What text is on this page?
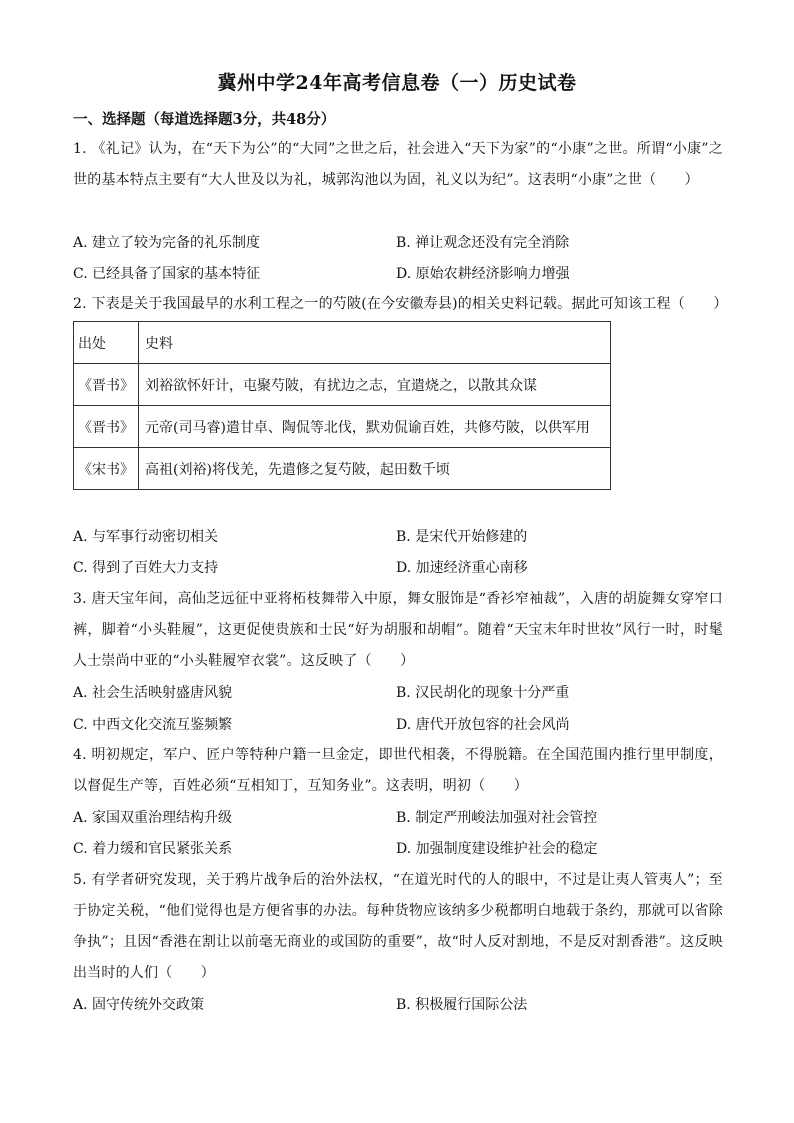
冀州中学24年高考信息卷（一）历史试卷
一、选择题（每道选择题3分，共48分）
1. 《礼记》认为，在“天下为公”的“大同”之世之后，社会进入“天下为家”的“小康”之世。所谓“小康”之世的基本特点主要有“大人世及以为礼，城郭沟池以为固，礼义以为纪”。这表明“小康”之世（　　）
A. 建立了较为完备的礼乐制度	B. 禅让观念还没有完全消除
C. 已经具备了国家的基本特征	D. 原始农耕经济影响力增强
2. 下表是关于我国最早的水利工程之一的芍陂(在今安徽寿县)的相关史料记载。据此可知该工程（　　）
出处	史料
《晋书》	刘裕欲怀奸计，屯聚芍陂，有扰边之志，宜遣烧之，以散其众谋
《晋书》	元帝(司马睿)遣甘卓、陶侃等北伐，默劝侃谕百姓，共修芍陂，以供军用
《宋书》	高祖(刘裕)将伐羌，先遣修之复芍陂，起田数千顷
A. 与军事行动密切相关	B. 是宋代开始修建的
C. 得到了百姓大力支持	D. 加速经济重心南移
3. 唐天宝年间，高仙芝远征中亚将柘枝舞带入中原，舞女服饰是“香衫窄袖裁”，入唐的胡旋舞女穿窄口裤，脚着“小头鞋履”，这更促使贵族和士民“好为胡服和胡帽”。随着“天宝末年时世妆”风行一时，时髦人士崇尚中亚的“小头鞋履窄衣裳”。这反映了（　　）
A. 社会生活映射盛唐风貌	B. 汉民胡化的现象十分严重
C. 中西文化交流互鉴频繁	D. 唐代开放包容的社会风尚
4. 明初规定，军户、匠户等特种户籍一旦金定，即世代相袭，不得脱籍。在全国范围内推行里甲制度，以督促生产等，百姓必须“互相知丁，互知务业”。这表明，明初（　　）
A. 家国双重治理结构升级	B. 制定严刑峻法加强对社会管控
C. 着力缓和官民紧张关系	D. 加强制度建设维护社会的稳定
5. 有学者研究发现，关于鸦片战争后的治外法权，“在道光时代的人的眼中，不过是让夷人管夷人”；至于协定关税，“他们觉得也是方便省事的办法。每种货物应该纳多少税都明白地载于条约，那就可以省除争执”；且因“香港在割让以前毫无商业的或国防的重要”，故“时人反对割地，不是反对割香港”。这反映出当时的人们（　　）
A. 固守传统外交政策	B. 积极履行国际公法
